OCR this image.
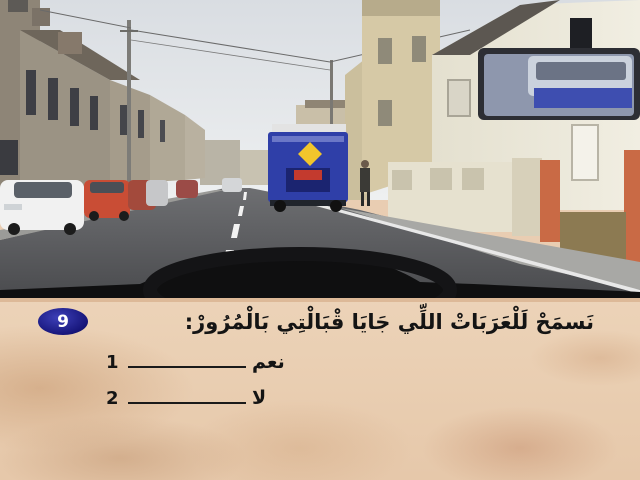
9	نَسمَحْ لَلْعَرَبَاتْ اللِّي جَايَا قْبَالْتِي بَالْمُرُورْ:
1	نعم
2	لا
